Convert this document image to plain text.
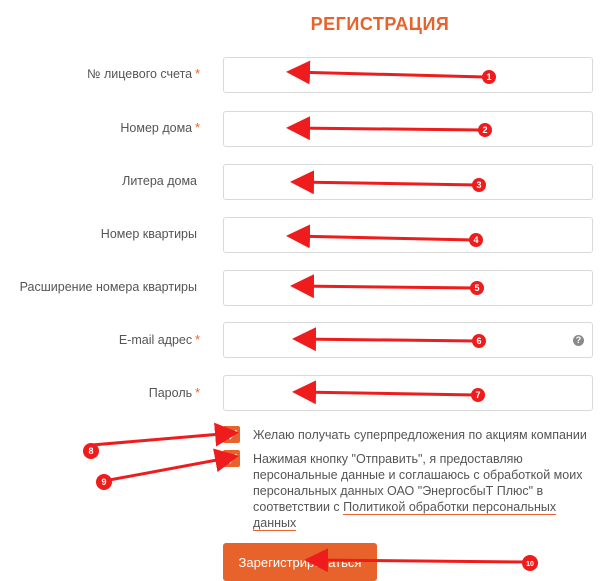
РЕГИСТРАЦИЯ
№ лицевого счета *
Номер дома *
Литера дома
Номер квартиры
Расширение номера квартиры
E-mail адрес *	?
Пароль *
Желаю получать суперпредложения по акциям компании
Нажимая кнопку "Отправить", я предоставляю персональные данные и соглашаюсь с обработкой моих персональных данных ОАО "ЭнергосбыТ Плюс" в соответствии с Политикой обработки персональных данных
Зарегистрироваться
1
2
3
4
5
6
7
8
9
10
